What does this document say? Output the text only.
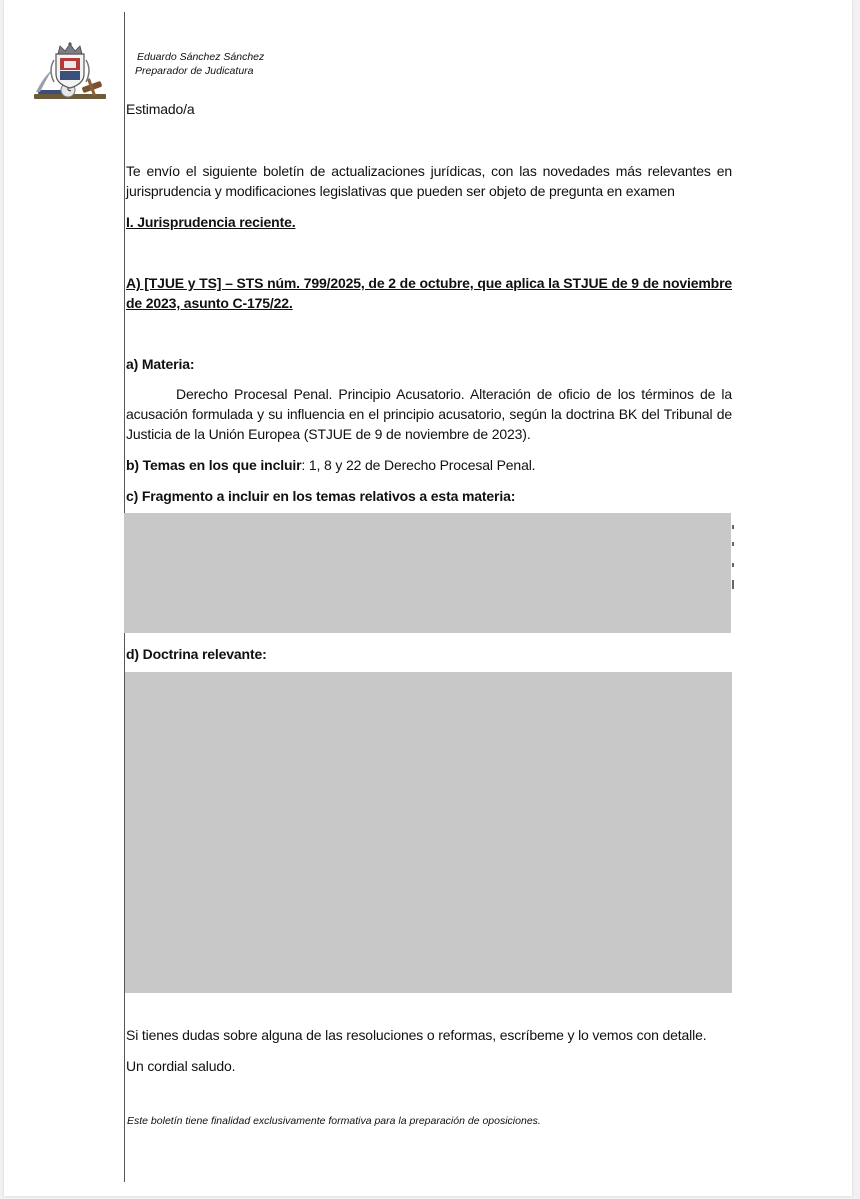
Eduardo Sánchez Sánchez
Preparador de Judicatura
Estimado/a
Te envío el siguiente boletín de actualizaciones jurídicas, con las novedades más relevantes en jurisprudencia y modificaciones legislativas que pueden ser objeto de pregunta en examen
I. Jurisprudencia reciente.
A) [TJUE y TS] – STS núm. 799/2025, de 2 de octubre, que aplica la STJUE de 9 de noviembre de 2023, asunto C-175/22.
a) Materia:
Derecho Procesal Penal. Principio Acusatorio. Alteración de oficio de los términos de la acusación formulada y su influencia en el principio acusatorio, según la doctrina BK del Tribunal de Justicia de la Unión Europea (STJUE de 9 de noviembre de 2023).
b) Temas en los que incluir: 1, 8 y 22 de Derecho Procesal Penal.
c) Fragmento a incluir en los temas relativos a esta materia:
d) Doctrina relevante:
Si tienes dudas sobre alguna de las resoluciones o reformas, escríbeme y lo vemos con detalle.
Un cordial saludo.
Este boletín tiene finalidad exclusivamente formativa para la preparación de oposiciones.
